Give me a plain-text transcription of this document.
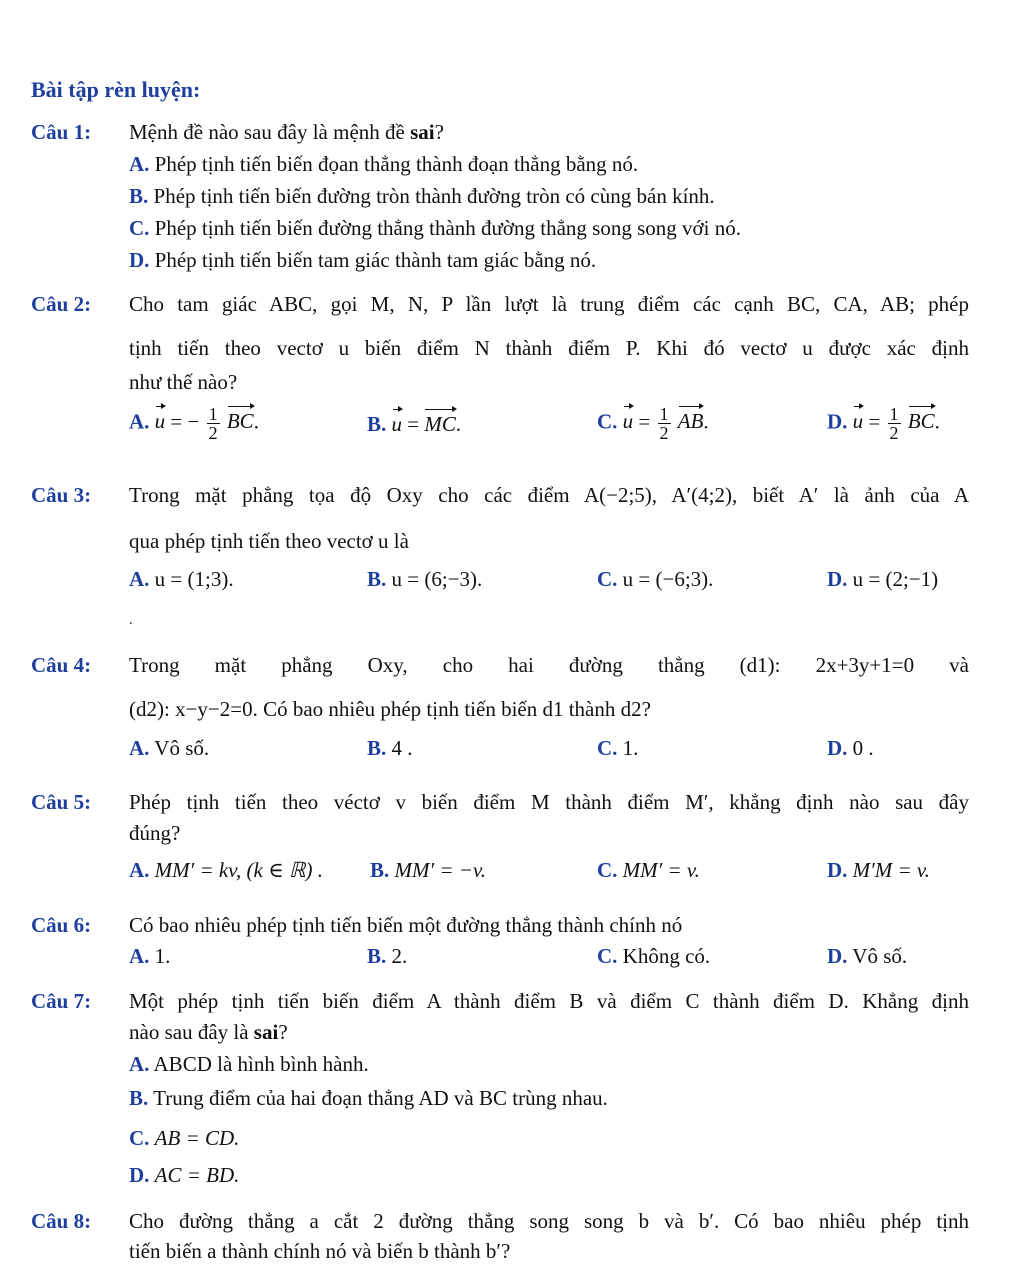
Bài tập rèn luyện:
Câu 1: Mệnh đề nào sau đây là mệnh đề sai?
A. Phép tịnh tiến biến đọan thẳng thành đoạn thẳng bằng nó.
B. Phép tịnh tiến biến đường tròn thành đường tròn có cùng bán kính.
C. Phép tịnh tiến biến đường thẳng thành đường thẳng song song với nó.
D. Phép tịnh tiến biến tam giác thành tam giác bằng nó.
Câu 2: Cho tam giác ABC, gọi M, N, P lần lượt là trung điểm các cạnh BC, CA, AB; phép
tịnh tiến theo vectơ u biến điểm N thành điểm P. Khi đó vectơ u được xác định
như thế nào?
A. u = − $\frac{1}{2}$ BC.	B. u = MC.	C. $u = \frac{1}{2}$ AB.	D. $u = \frac{1}{2}$ BC.
Câu 3: Trong mặt phẳng tọa độ Oxy cho các điểm A(−2;5), A′(4;2), biết A′ là ảnh của A
qua phép tịnh tiến theo vectơ u là
A. u = (1;3).	B. u = (6;−3).	C. u = (−6;3).	D. u = (2;−1)
.
Câu 4: Trong mặt phẳng Oxy, cho hai đường thẳng (d1): 2x+3y+1=0 và
(d2): x−y−2=0. Có bao nhiêu phép tịnh tiến biến d1 thành d2?
A. Vô số.	B. 4 .	C. 1.	D. 0 .
Câu 5: Phép tịnh tiến theo véctơ v biến điểm M thành điểm M′, khẳng định nào sau đây
đúng?
A. MM′ = kv, (k ∈ ℝ) . B. MM′ = −v.	C. MM′ = v.	D. M′M = v.
Câu 6: Có bao nhiêu phép tịnh tiến biến một đường thẳng thành chính nó
A. 1.	B. 2.	C. Không có.	D. Vô số.
Câu 7: Một phép tịnh tiến biến điểm A thành điểm B và điểm C thành điểm D. Khẳng định
nào sau đây là sai?
A. ABCD là hình bình hành.
B. Trung điểm của hai đoạn thẳng AD và BC trùng nhau.
C. AB = CD.
D. AC = BD.
Câu 8: Cho đường thẳng a cắt 2 đường thẳng song song b và b′. Có bao nhiêu phép tịnh
tiến biến a thành chính nó và biến b thành b′?
